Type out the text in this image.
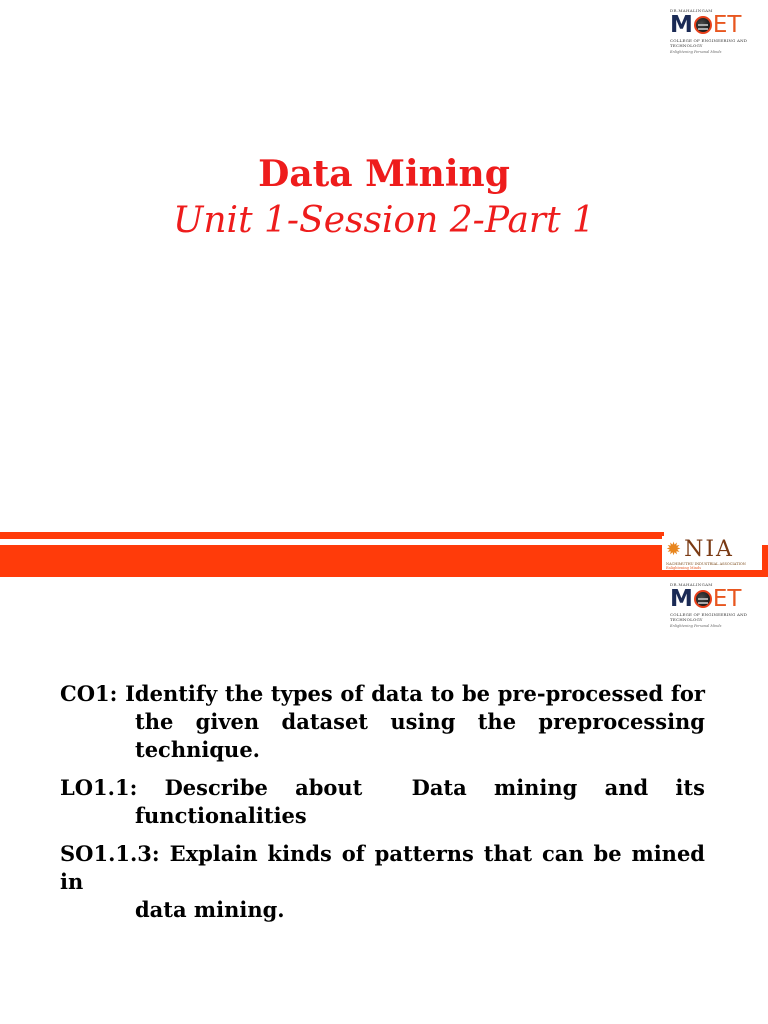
DR.MAHALINGAM
M ET
COLLEGE OF ENGINEERING AND TECHNOLOGY
Enlightening Personal Minds
Data Mining
Unit 1-Session 2-Part 1
✹ NIA
NACHIMUTHU INDUSTRIAL ASSOCIATION Enlightening Minds
DR.MAHALINGAM
M ET
COLLEGE OF ENGINEERING AND TECHNOLOGY
Enlightening Personal Minds
CO1: Identify the types of data to be pre-processed for
the given dataset using the preprocessing
technique.
LO1.1: Describe about Data mining and its
functionalities
SO1.1.3: Explain kinds of patterns that can be mined in
data mining.
